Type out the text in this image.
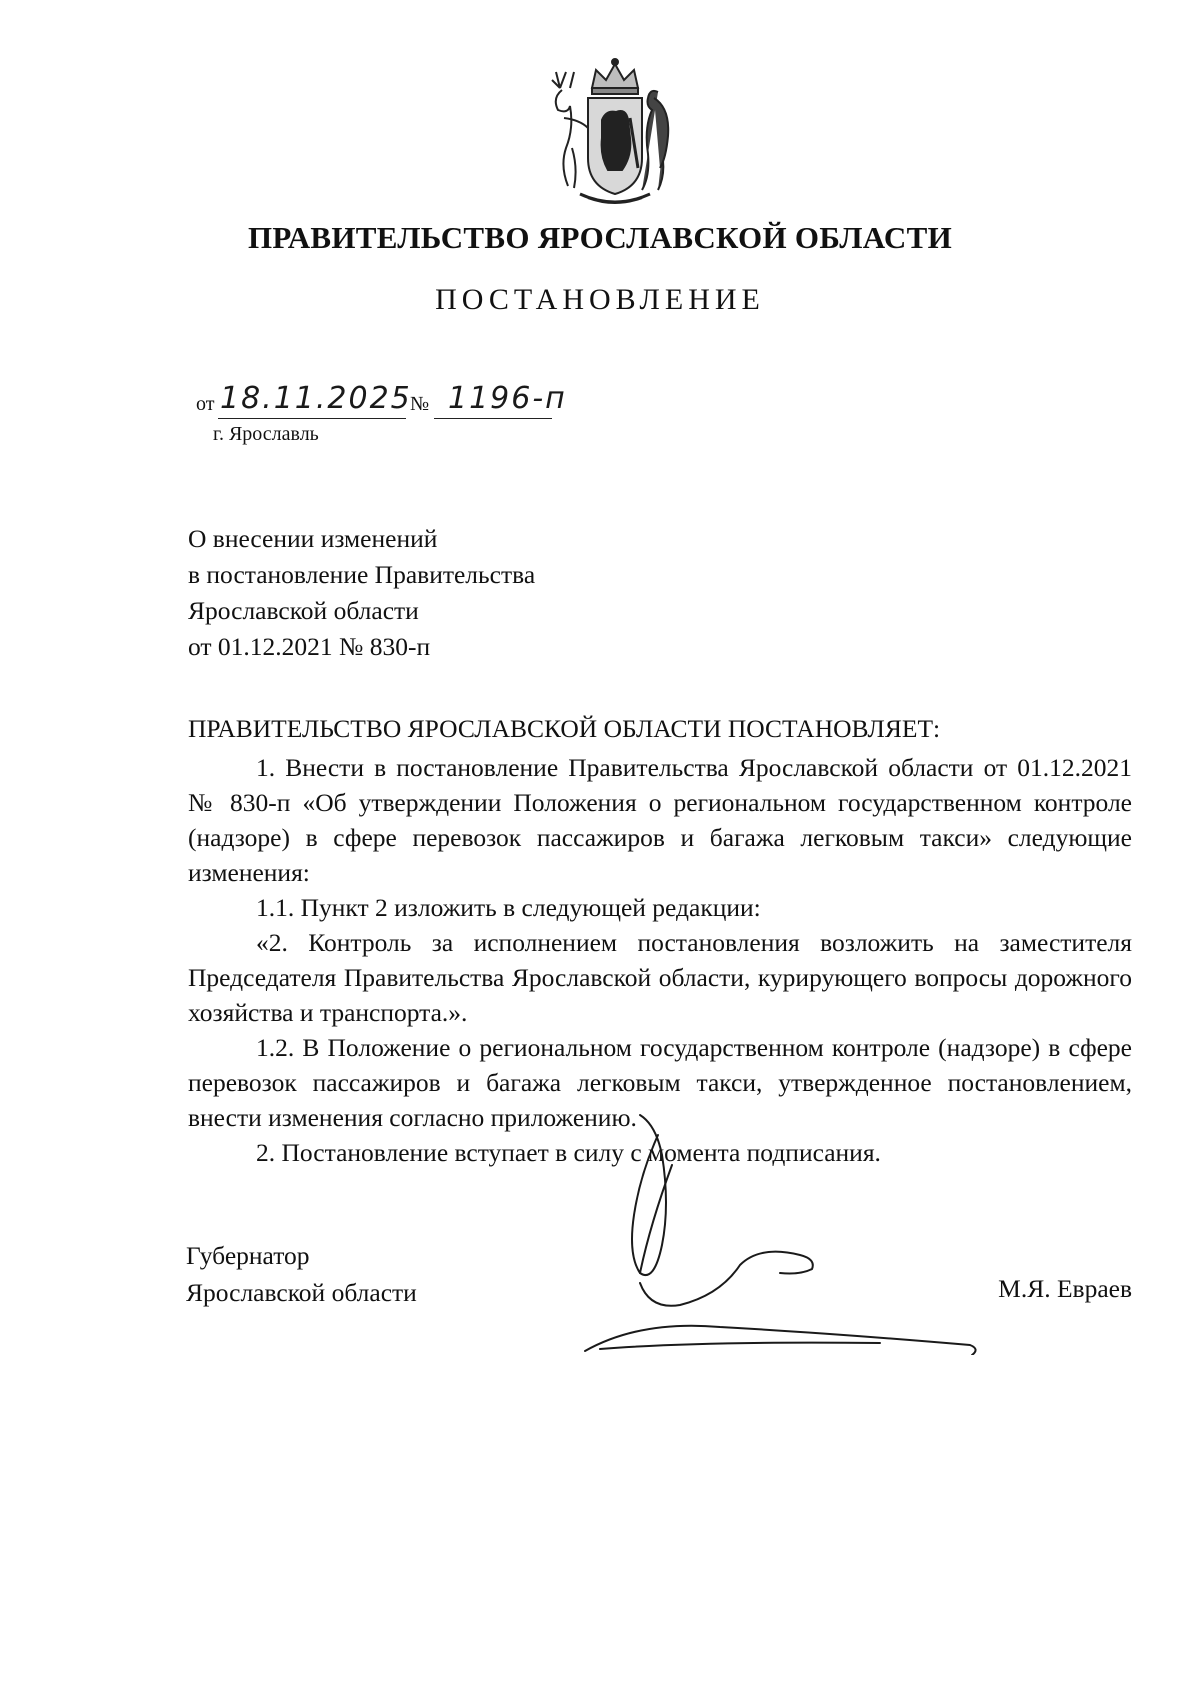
ПРАВИТЕЛЬСТВО ЯРОСЛАВСКОЙ ОБЛАСТИ
ПОСТАНОВЛЕНИЕ
от 18.11.2025
№ 1196-п
г. Ярославль
О внесении изменений
в постановление Правительства
Ярославской области
от 01.12.2021 № 830-п
ПРАВИТЕЛЬСТВО ЯРОСЛАВСКОЙ ОБЛАСТИ ПОСТАНОВЛЯЕТ:

1. Внести в постановление Правительства Ярославской области от 01.12.2021 № 830-п «Об утверждении Положения о региональном государственном контроле (надзоре) в сфере перевозок пассажиров и багажа легковым такси» следующие изменения:

1.1. Пункт 2 изложить в следующей редакции:

«2. Контроль за исполнением постановления возложить на заместителя Председателя Правительства Ярославской области, курирующего вопросы дорожного хозяйства и транспорта.».

1.2. В Положение о региональном государственном контроле (надзоре) в сфере перевозок пассажиров и багажа легковым такси, утвержденное постановлением, внести изменения согласно приложению.

2. Постановление вступает в силу с момента подписания.

Губернатор
Ярославской области	М.Я. Евраев
